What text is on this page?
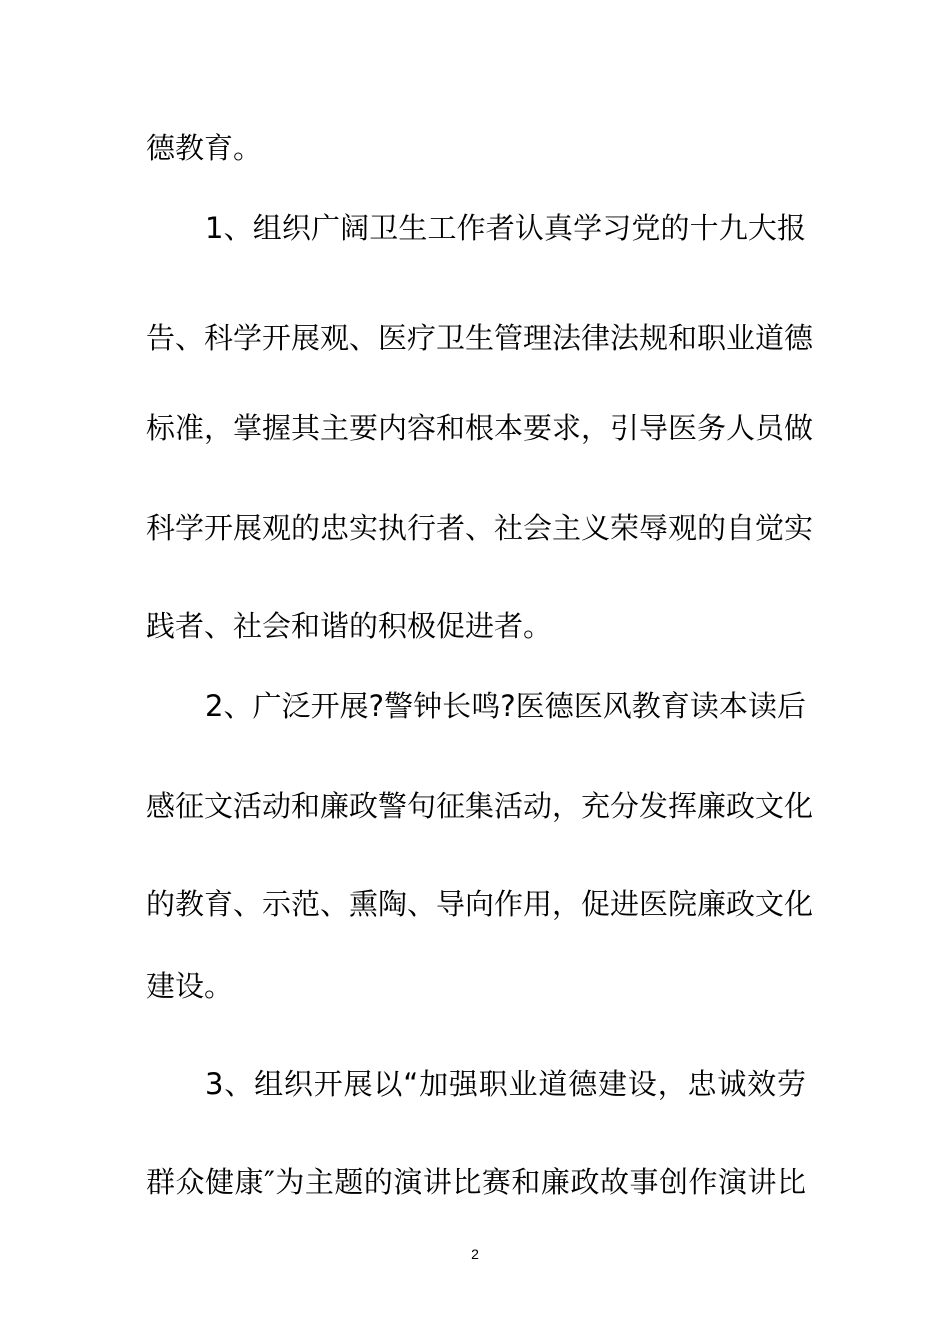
德教育。
1、组织广阔卫生工作者认真学习党的十九大报
告、科学开展观、医疗卫生管理法律法规和职业道德
标准，掌握其主要内容和根本要求，引导医务人员做
科学开展观的忠实执行者、社会主义荣辱观的自觉实
践者、社会和谐的积极促进者。
2、广泛开展?警钟长鸣?医德医风教育读本读后
感征文活动和廉政警句征集活动，充分发挥廉政文化
的教育、示范、熏陶、导向作用，促进医院廉政文化
建设。
3、组织开展以“加强职业道德建设，忠诚效劳
群众健康″为主题的演讲比赛和廉政故事创作演讲比
2
